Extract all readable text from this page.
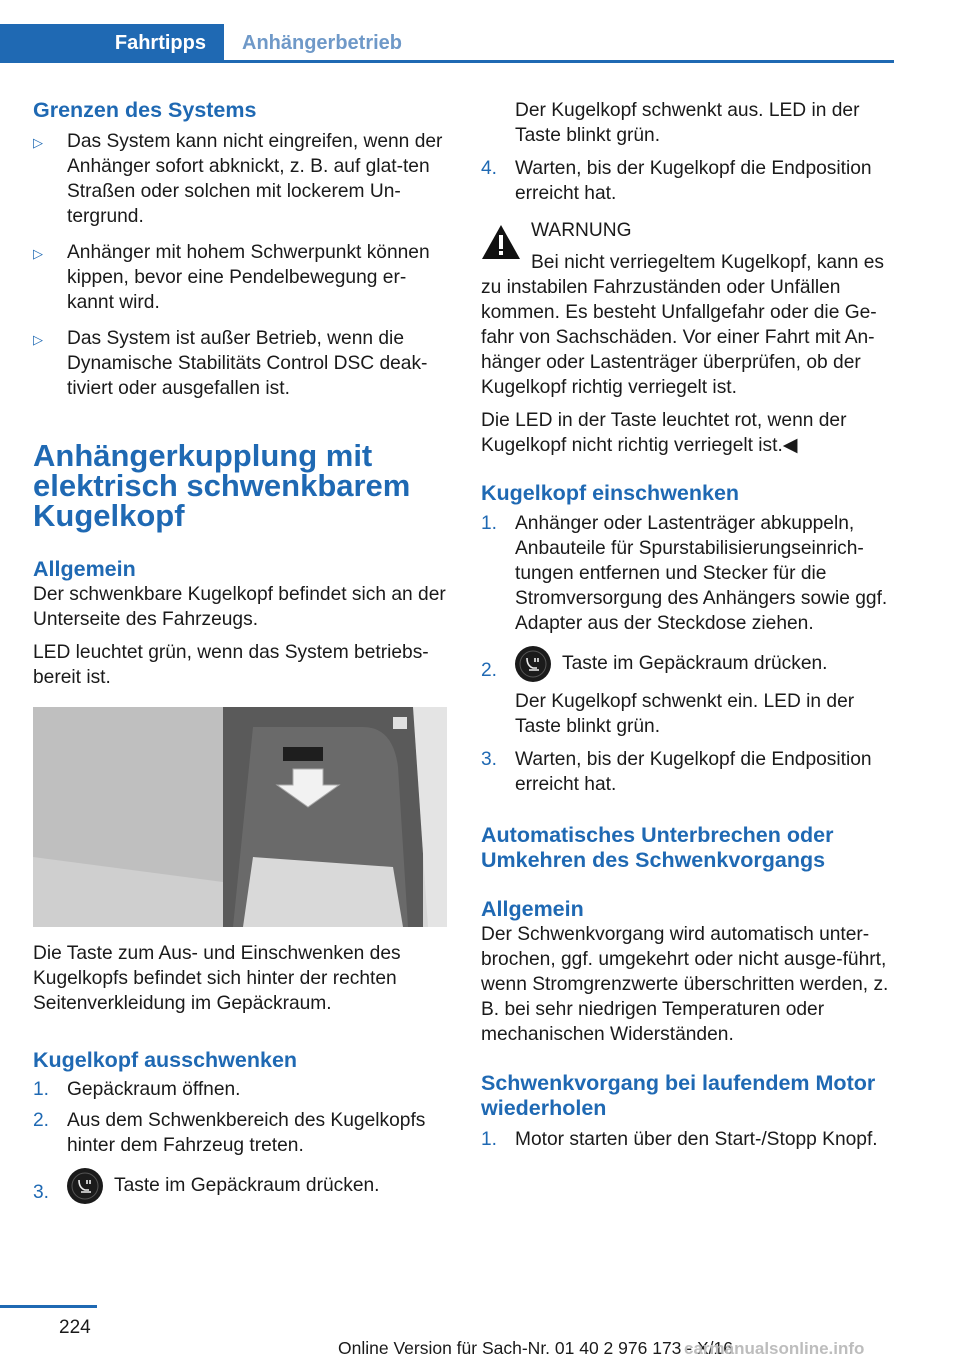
Fahrtipps	Anhängerbetrieb
Grenzen des Systems
▷	Das System kann nicht eingreifen, wenn der Anhänger sofort abknickt, z. B. auf glat-ten Straßen oder solchen mit lockerem Un-tergrund.
▷	Anhänger mit hohem Schwerpunkt können kippen, bevor eine Pendelbewegung er-kannt wird.
▷	Das System ist außer Betrieb, wenn die Dynamische Stabilitäts Control DSC deak-tiviert oder ausgefallen ist.
Anhängerkupplung mit elektrisch schwenkbarem Kugelkopf
Allgemein

Der schwenkbare Kugelkopf befindet sich an der Unterseite des Fahrzeugs.

LED leuchtet grün, wenn das System betriebs-bereit ist.

Die Taste zum Aus- und Einschwenken des Kugelkopfs befindet sich hinter der rechten Seitenverkleidung im Gepäckraum.

Kugelkopf ausschwenken
1. Gepäckraum öffnen.
2. Aus dem Schwenkbereich des Kugelkopfs hinter dem Fahrzeug treten.
3.	Taste im Gepäckraum drücken.

Der Kugelkopf schwenkt aus. LED in der Taste blinkt grün.

4. Warten, bis der Kugelkopf die Endposition erreicht hat.
WARNUNG

Bei nicht verriegeltem Kugelkopf, kann es zu instabilen Fahrzuständen oder Unfällen kommen. Es besteht Unfallgefahr oder die Ge-fahr von Sachschäden. Vor einer Fahrt mit An-hänger oder Lastenträger überprüfen, ob der Kugelkopf richtig verriegelt ist.

Die LED in der Taste leuchtet rot, wenn der Kugelkopf nicht richtig verriegelt ist.◀

Kugelkopf einschwenken
1. Anhänger oder Lastenträger abkuppeln, Anbauteile für Spurstabilisierungseinrich-tungen entfernen und Stecker für die Stromversorgung des Anhängers sowie ggf. Adapter aus der Steckdose ziehen.
2.	Taste im Gepäckraum drücken.

Der Kugelkopf schwenkt ein. LED in der Taste blinkt grün.

3. Warten, bis der Kugelkopf die Endposition erreicht hat.
Automatisches Unterbrechen oder Umkehren des Schwenkvorgangs
Allgemein

Der Schwenkvorgang wird automatisch unter-brochen, ggf. umgekehrt oder nicht ausge-führt, wenn Stromgrenzwerte überschritten werden, z. B. bei sehr niedrigen Temperaturen oder mechanischen Widerständen.

Schwenkvorgang bei laufendem Motor wiederholen
1. Motor starten über den Start-/Stopp Knopf.
224
Online Version für Sach-Nr. 01 40 2 976 173 - X/16
carmanualsonline.info
